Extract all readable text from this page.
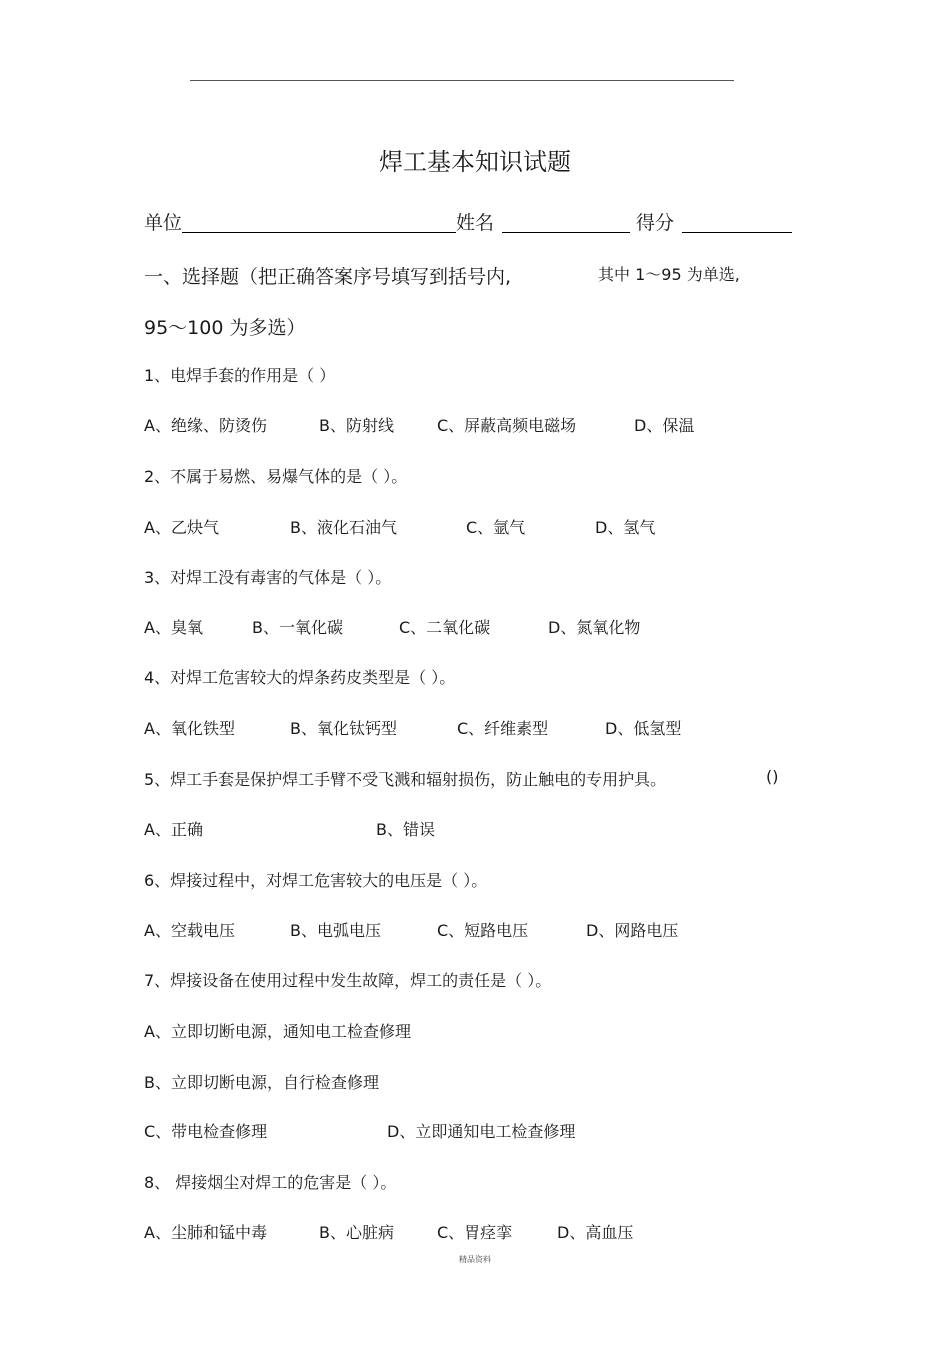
焊工基本知识试题
单位	姓名	得分
一、选择题（把正确答案序号填写到括号内,	其中 1～95 为单选,
95～100 为多选）
1、电焊手套的作用是（ ）
A、绝缘、防烫伤	B、防射线	C、屏蔽高频电磁场	D、保温
2、不属于易燃、易爆气体的是（ ）。
A、乙炔气	B、液化石油气	C、氩气	D、氢气
3、对焊工没有毒害的气体是（ ）。
A、臭氧	B、一氧化碳	C、二氧化碳	D、氮氧化物
4、对焊工危害较大的焊条药皮类型是（ ）。
A、氧化铁型	B、氧化钛钙型	C、纤维素型	D、低氢型
5、焊工手套是保护焊工手臂不受飞溅和辐射损伤，防止触电的专用护具。	()
A、正确	B、错误
6、焊接过程中，对焊工危害较大的电压是（ ）。
A、空载电压	B、电弧电压	C、短路电压	D、网路电压
7、焊接设备在使用过程中发生故障，焊工的责任是（ ）。
A、立即切断电源，通知电工检查修理
B、立即切断电源，自行检查修理
C、带电检查修理	D、立即通知电工检查修理
8、 焊接烟尘对焊工的危害是（ ）。
A、尘肺和锰中毒	B、心脏病	C、胃痉挛	D、高血压
精品资料
